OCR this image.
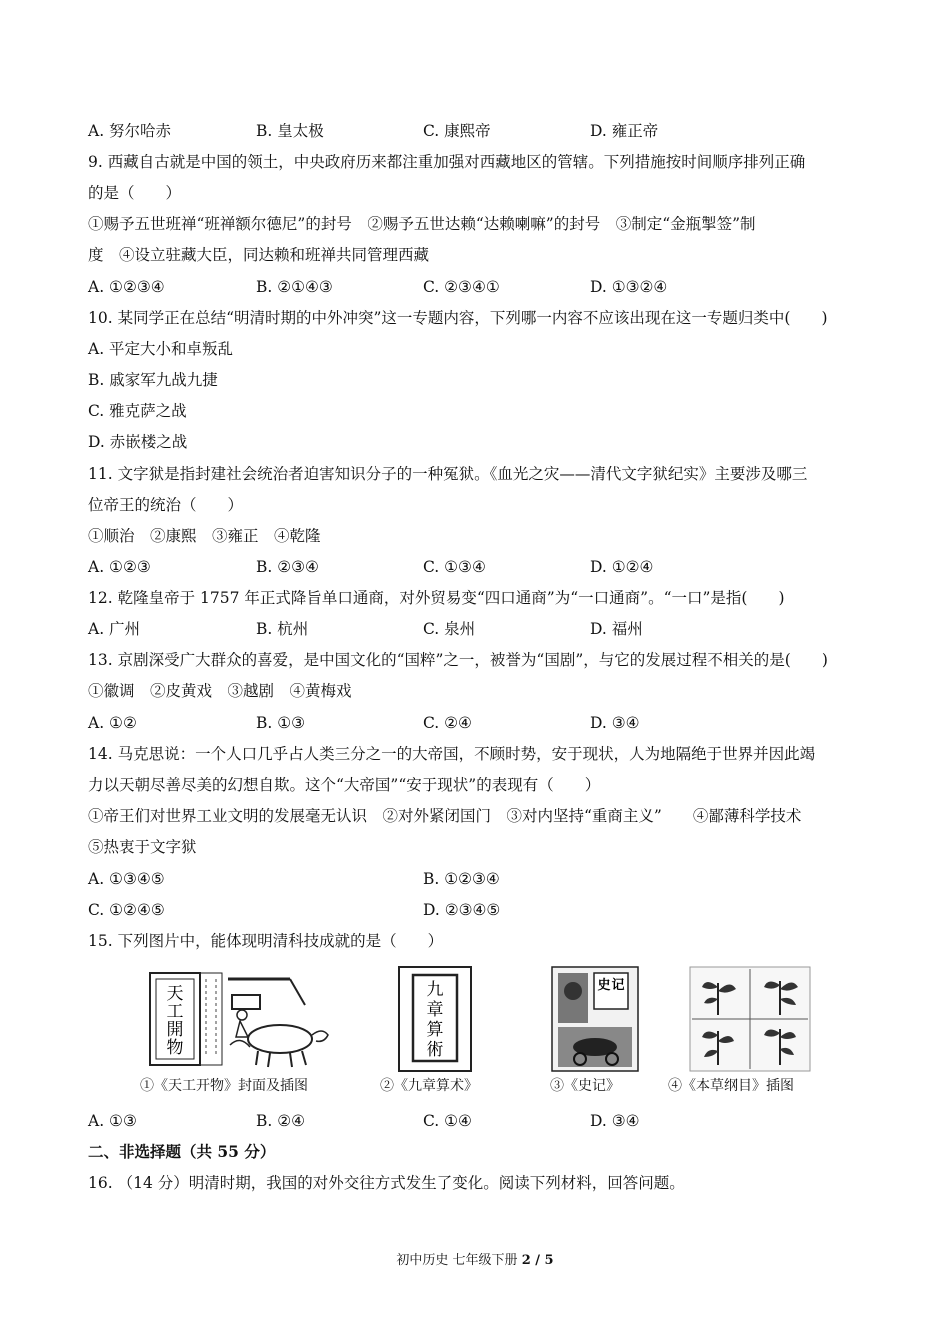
A. 努尔哈赤	B. 皇太极	C. 康熙帝	D. 雍正帝
9. 西藏自古就是中国的领土，中央政府历来都注重加强对西藏地区的管辖。下列措施按时间顺序排列正确
的是（　　）
①赐予五世班禅“班禅额尔德尼”的封号　②赐予五世达赖“达赖喇嘛”的封号　③制定“金瓶掣签”制
度　④设立驻藏大臣，同达赖和班禅共同管理西藏
A. ①②③④	B. ②①④③	C. ②③④①	D. ①③②④
10. 某同学正在总结“明清时期的中外冲突”这一专题内容，下列哪一内容不应该出现在这一专题归类中(　　)
A. 平定大小和卓叛乱
B. 戚家军九战九捷
C. 雅克萨之战
D. 赤嵌楼之战
11. 文字狱是指封建社会统治者迫害知识分子的一种冤狱。《血光之灾——清代文字狱纪实》主要涉及哪三
位帝王的统治（　　）
①顺治　②康熙　③雍正　④乾隆
A. ①②③	B. ②③④	C. ①③④	D. ①②④
12. 乾隆皇帝于 1757 年正式降旨单口通商，对外贸易变“四口通商”为“一口通商”。“一口”是指(　　)
A. 广州	B. 杭州	C. 泉州	D. 福州
13. 京剧深受广大群众的喜爱，是中国文化的“国粹”之一，被誉为“国剧”，与它的发展过程不相关的是(　　)
①徽调　②皮黄戏　③越剧　④黄梅戏
A. ①②	B. ①③	C. ②④	D. ③④
14. 马克思说：一个人口几乎占人类三分之一的大帝国，不顾时势，安于现状，人为地隔绝于世界并因此竭
力以天朝尽善尽美的幻想自欺。这个“大帝国”“安于现状”的表现有（　　）
①帝王们对世界工业文明的发展毫无认识　②对外紧闭国门　③对内坚持“重商主义”　　④鄙薄科学技术
⑤热衷于文字狱
A. ①③④⑤	B. ①②③④
C. ①②④⑤	D. ②③④⑤
15. 下列图片中，能体现明清科技成就的是（　　）
天
工
開
物
①《天工开物》封面及插图
九
章
算
術
②《九章算术》
史 记
③《史记》	④《本草纲目》插图
A. ①③	B. ②④	C. ①④	D. ③④
二、非选择题（共 55 分）
16. （14 分）明清时期，我国的对外交往方式发生了变化。阅读下列材料，回答问题。
初中历史 七年级下册 2 / 5
